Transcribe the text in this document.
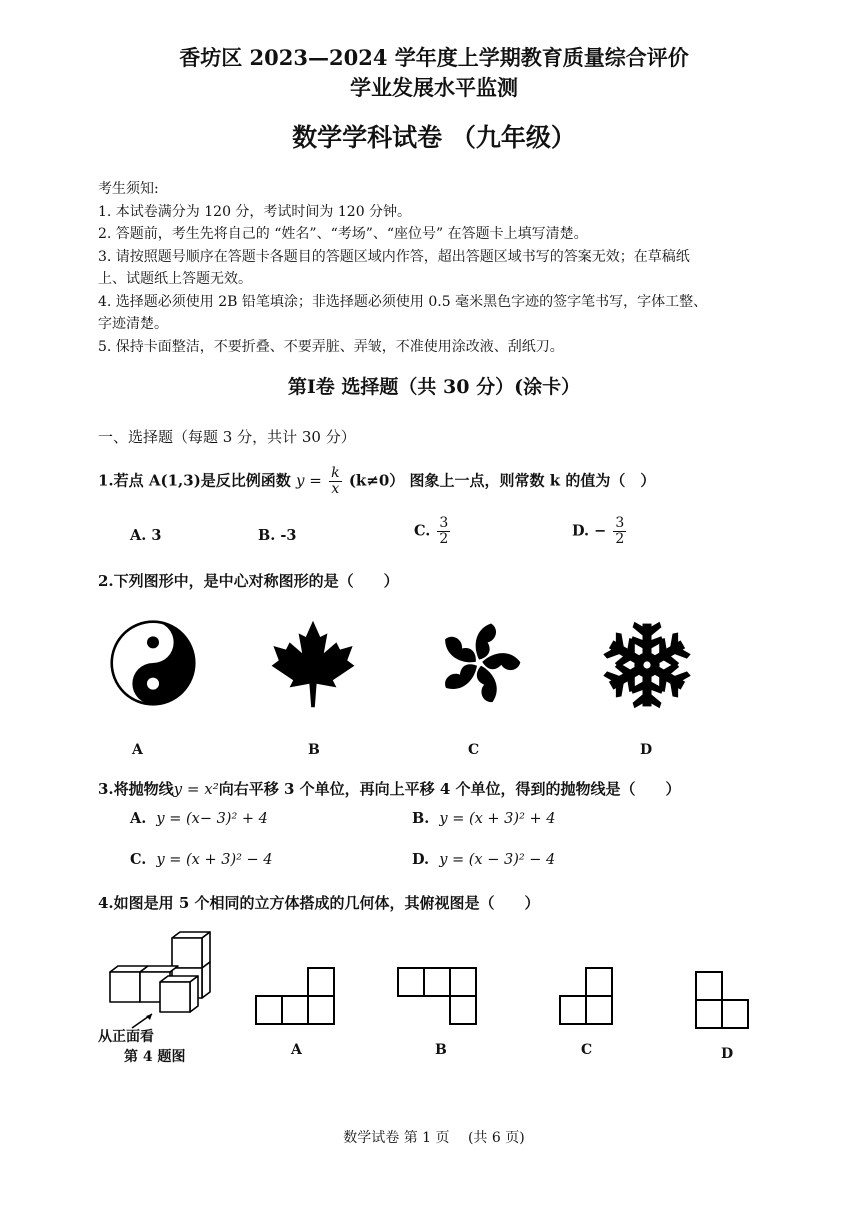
香坊区 2023—2024 学年度上学期教育质量综合评价
学业发展水平监测
数学学科试卷 （九年级）
考生须知:
1. 本试卷满分为 120 分，考试时间为 120 分钟。
2. 答题前，考生先将自己的 “姓名”、“考场”、“座位号” 在答题卡上填写清楚。
3. 请按照题号顺序在答题卡各题目的答题区域内作答，超出答题区域书写的答案无效；在草稿纸
上、试题纸上答题无效。
4. 选择题必须使用 2B 铅笔填涂；非选择题必须使用 0.5 毫米黑色字迹的签字笔书写，字体工整、
字迹清楚。
5. 保持卡面整洁，不要折叠、不要弄脏、弄皱，不准使用涂改液、刮纸刀。
第Ⅰ卷 选择题（共 30 分）(涂卡）
一、选择题（每题 3 分，共计 30 分）
1.若点 A(1,3)是反比例函数 $y = \frac{k}{x} (k\ne 0)$ 图象上一点，则常数 k 的值为（　）
A. 3	B. -3	C. $\frac{3}{2}$	D. − $\frac{3}{2}$
2.下列图形中，是中心对称图形的是（　　）
A	B	C	D
3.将抛物线y = x²向右平移 3 个单位，再向上平移 4 个单位，得到的抛物线是（　　）
A. y = (x− 3)² + 4	B. y = (x + 3)² + 4
C. y = (x + 3)² − 4	D. y = (x − 3)² − 4
4.如图是用 5 个相同的立方体搭成的几何体，其俯视图是（　　）
从正面看
第 4 题图	A	B	C	D
数学试卷 第 1 页　 (共 6 页)
